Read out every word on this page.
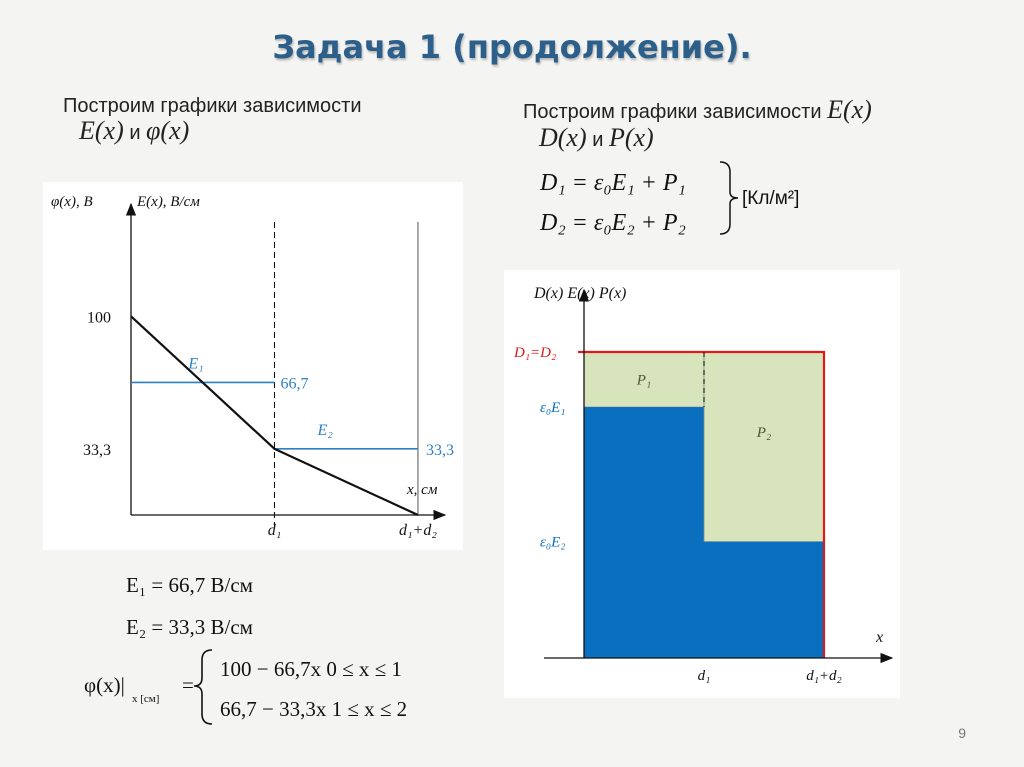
Задача 1 (продолжение).
Построим графики зависимости
E(x) и φ(x)
Построим графики зависимости E(x)
D(x) и P(x)
D₁ = ε₀E₁ + P₁
D₂ = ε₀E₂ + P₂
[Кл/м²]
φ(x), В	E(x), В/см
x, см
d₁	d₁+d₂
100
33,3
E₁
66,7
E₂
33,3
E₁ = 66,7 В/см
E₂ = 33,3 В/см
φ(x)|
x [см]
=
100 − 66,7x 0 ≤ x ≤ 1
66,7 − 33,3x 1 ≤ x ≤ 2
D(x) E(x) P(x)
x
D₁=D₂
ε₀E₁
ε₀E₂
P₁
P₂
d₁	d₁+d₂
9
